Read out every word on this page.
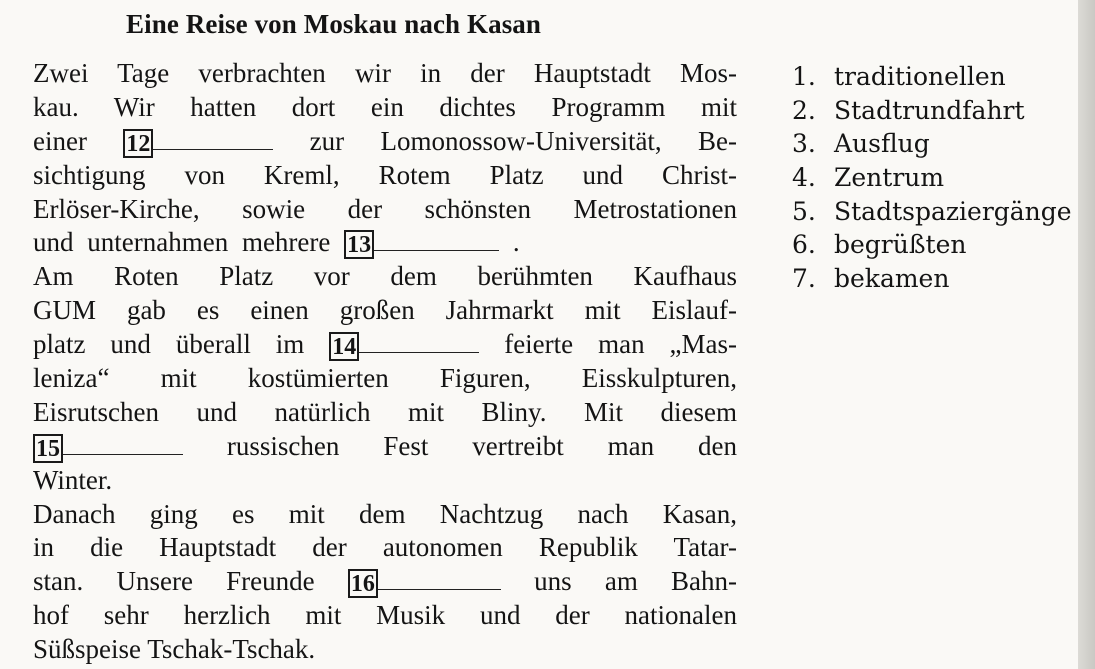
Eine Reise von Moskau nach Kasan
Zwei Tage verbrachten wir in der Hauptstadt Mos-
kau. Wir hatten dort ein dichtes Programm mit
einer 12	zur Lomonossow-Universität, Be-
sichtigung von Kreml, Rotem Platz und Christ-
Erlöser-Kirche, sowie der schönsten Metrostationen
und unternahmen mehrere 13	.
Am Roten Platz vor dem berühmten Kaufhaus
GUM gab es einen großen Jahrmarkt mit Eislauf-
platz und überall im 14	feierte man „Mas-
leniza“ mit kostümierten Figuren, Eisskulpturen,
Eisrutschen und natürlich mit Bliny. Mit diesem
15	russischen Fest vertreibt man den
Winter.
Danach ging es mit dem Nachtzug nach Kasan,
in die Hauptstadt der autonomen Republik Tatar-
stan. Unsere Freunde 16	uns am Bahn-
hof sehr herzlich mit Musik und der nationalen
Süßspeise Tschak-Tschak.
1. traditionellen
2. Stadtrundfahrt
3. Ausflug
4. Zentrum
5. Stadtspaziergänge
6. begrüßten
7. bekamen
